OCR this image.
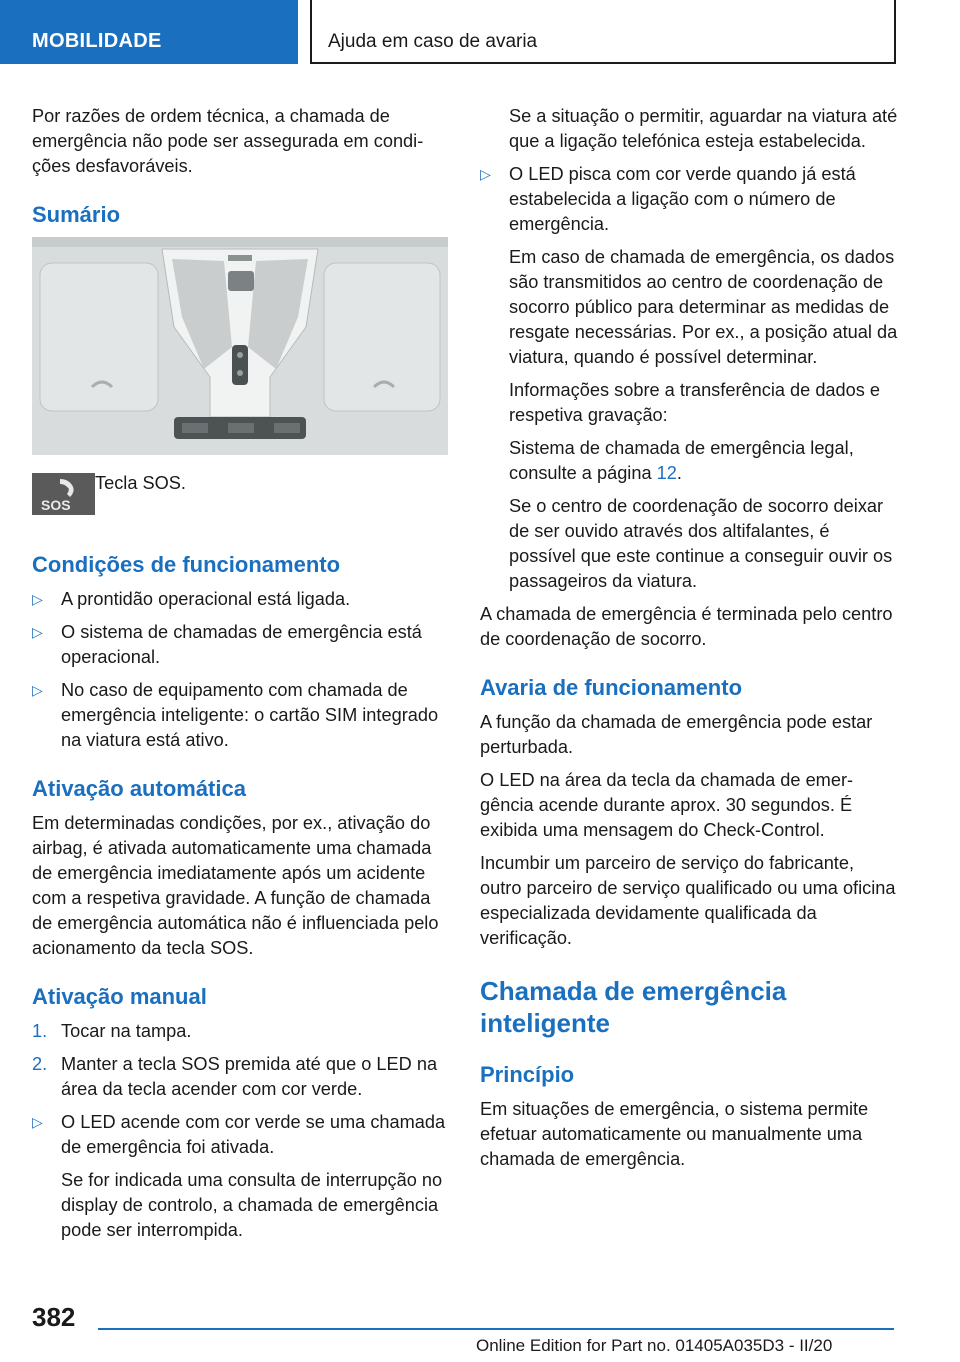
MOBILIDADE	Ajuda em caso de avaria

Por razões de ordem técnica, a chamada de emergência não pode ser assegurada em condições desfavoráveis.

Sumário
SOS
Tecla SOS.
Condições de funcionamento
▷ A prontidão operacional está ligada.
▷ O sistema de chamadas de emergência está operacional.
▷ No caso de equipamento com chamada de emergência inteligente: o cartão SIM integrado na viatura está ativo.
Ativação automática

Em determinadas condições, por ex., ativação do airbag, é ativada automaticamente uma chamada de emergência imediatamente após um acidente com a respetiva gravidade. A função de chamada de emergência automática não é influenciada pelo acionamento da tecla SOS.

Ativação manual
1. Tocar na tampa.
2. Manter a tecla SOS premida até que o LED na área da tecla acender com cor verde.
▷ O LED acende com cor verde se uma chamada de emergência foi ativada.

Se for indicada uma consulta de interrupção no display de controlo, a chamada de emergência pode ser interrompida.

Se a situação o permitir, aguardar na viatura até que a ligação telefónica esteja estabelecida.

▷ O LED pisca com cor verde quando já está estabelecida a ligação com o número de emergência.

Em caso de chamada de emergência, os dados são transmitidos ao centro de coordenação de socorro público para determinar as medidas de resgate necessárias. Por ex., a posição atual da viatura, quando é possível determinar.

Informações sobre a transferência de dados e respetiva gravação:

Sistema de chamada de emergência legal, consulte a página 12.

Se o centro de coordenação de socorro deixar de ser ouvido através dos altifalantes, é possível que este continue a conseguir ouvir os passageiros da viatura.

A chamada de emergência é terminada pelo centro de coordenação de socorro.

Avaria de funcionamento

A função da chamada de emergência pode estar perturbada.

O LED na área da tecla da chamada de emergência acende durante aprox. 30 segundos. É exibida uma mensagem do Check-Control.

Incumbir um parceiro de serviço do fabricante, outro parceiro de serviço qualificado ou uma oficina especializada devidamente qualificada da verificação.

Chamada de emergência inteligente
Princípio

Em situações de emergência, o sistema permite efetuar automaticamente ou manualmente uma chamada de emergência.

382
Online Edition for Part no. 01405A035D3 - II/20
